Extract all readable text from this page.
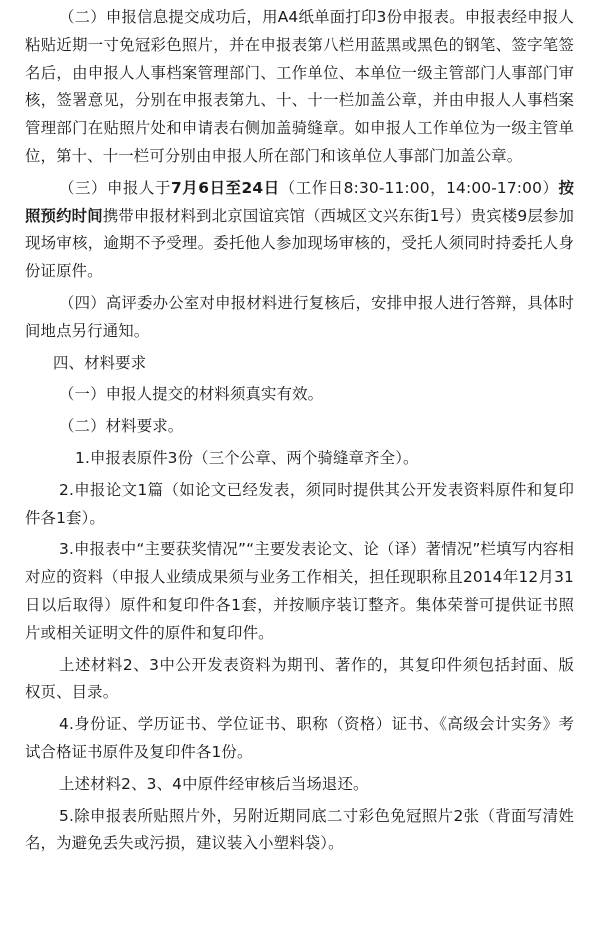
（二）申报信息提交成功后，用A4纸单面打印3份申报表。申报表经申报人粘贴近期一寸免冠彩色照片，并在申报表第八栏用蓝黑或黑色的钢笔、签字笔签名后，由申报人人事档案管理部门、工作单位、本单位一级主管部门人事部门审核，签署意见，分别在申报表第九、十、十一栏加盖公章，并由申报人人事档案管理部门在贴照片处和申请表右侧加盖骑缝章。如申报人工作单位为一级主管单位，第十、十一栏可分别由申报人所在部门和该单位人事部门加盖公章。

（三）申报人于7月6日至24日（工作日8:30-11:00，14:00-17:00）按照预约时间携带申报材料到北京国谊宾馆（西城区文兴东街1号）贵宾楼9层参加现场审核，逾期不予受理。委托他人参加现场审核的，受托人须同时持委托人身份证原件。

（四）高评委办公室对申报材料进行复核后，安排申报人进行答辩，具体时间地点另行通知。

四、材料要求

（一）申报人提交的材料须真实有效。

（二）材料要求。

1.申报表原件3份（三个公章、两个骑缝章齐全）。

2.申报论文1篇（如论文已经发表，须同时提供其公开发表资料原件和复印件各1套）。

3.申报表中“主要获奖情况”“主要发表论文、论（译）著情况”栏填写内容相对应的资料（申报人业绩成果须与业务工作相关，担任现职称且2014年12月31日以后取得）原件和复印件各1套，并按顺序装订整齐。集体荣誉可提供证书照片或相关证明文件的原件和复印件。

上述材料2、3中公开发表资料为期刊、著作的，其复印件须包括封面、版权页、目录。

4.身份证、学历证书、学位证书、职称（资格）证书、《高级会计实务》考试合格证书原件及复印件各1份。

上述材料2、3、4中原件经审核后当场退还。

5.除申报表所贴照片外，另附近期同底二寸彩色免冠照片2张（背面写清姓名，为避免丢失或污损，建议装入小塑料袋）。
